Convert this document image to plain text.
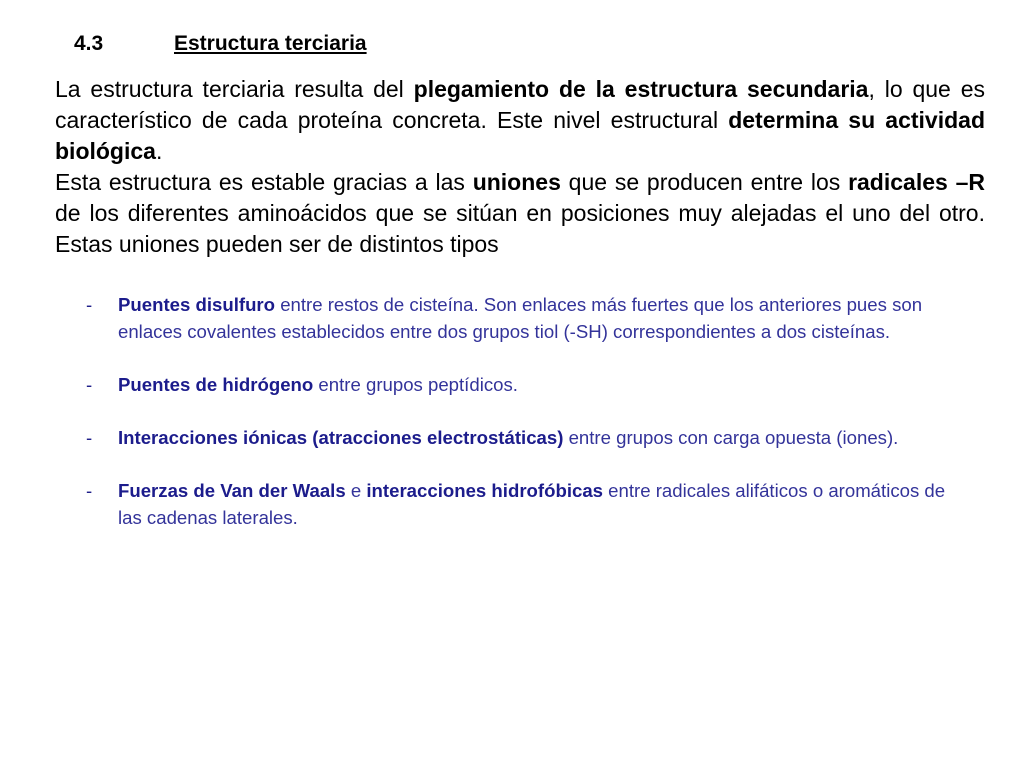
4.3	Estructura terciaria

La estructura terciaria resulta del plegamiento de la estructura secundaria, lo que es característico de cada proteína concreta. Este nivel estructural determina su actividad biológica.

Esta estructura es estable gracias a las uniones que se producen entre los radicales –R de los diferentes aminoácidos que se sitúan en posiciones muy alejadas el uno del otro. Estas uniones pueden ser de distintos tipos

- Puentes disulfuro entre restos de cisteína. Son enlaces más fuertes que los anteriores pues son enlaces covalentes establecidos entre dos grupos tiol (-SH) correspondientes a dos cisteínas.
- Puentes de hidrógeno entre grupos peptídicos.
- Interacciones iónicas (atracciones electrostáticas) entre grupos con carga opuesta (iones).
- Fuerzas de Van der Waals e interacciones hidrofóbicas entre radicales alifáticos o aromáticos de las cadenas laterales.
